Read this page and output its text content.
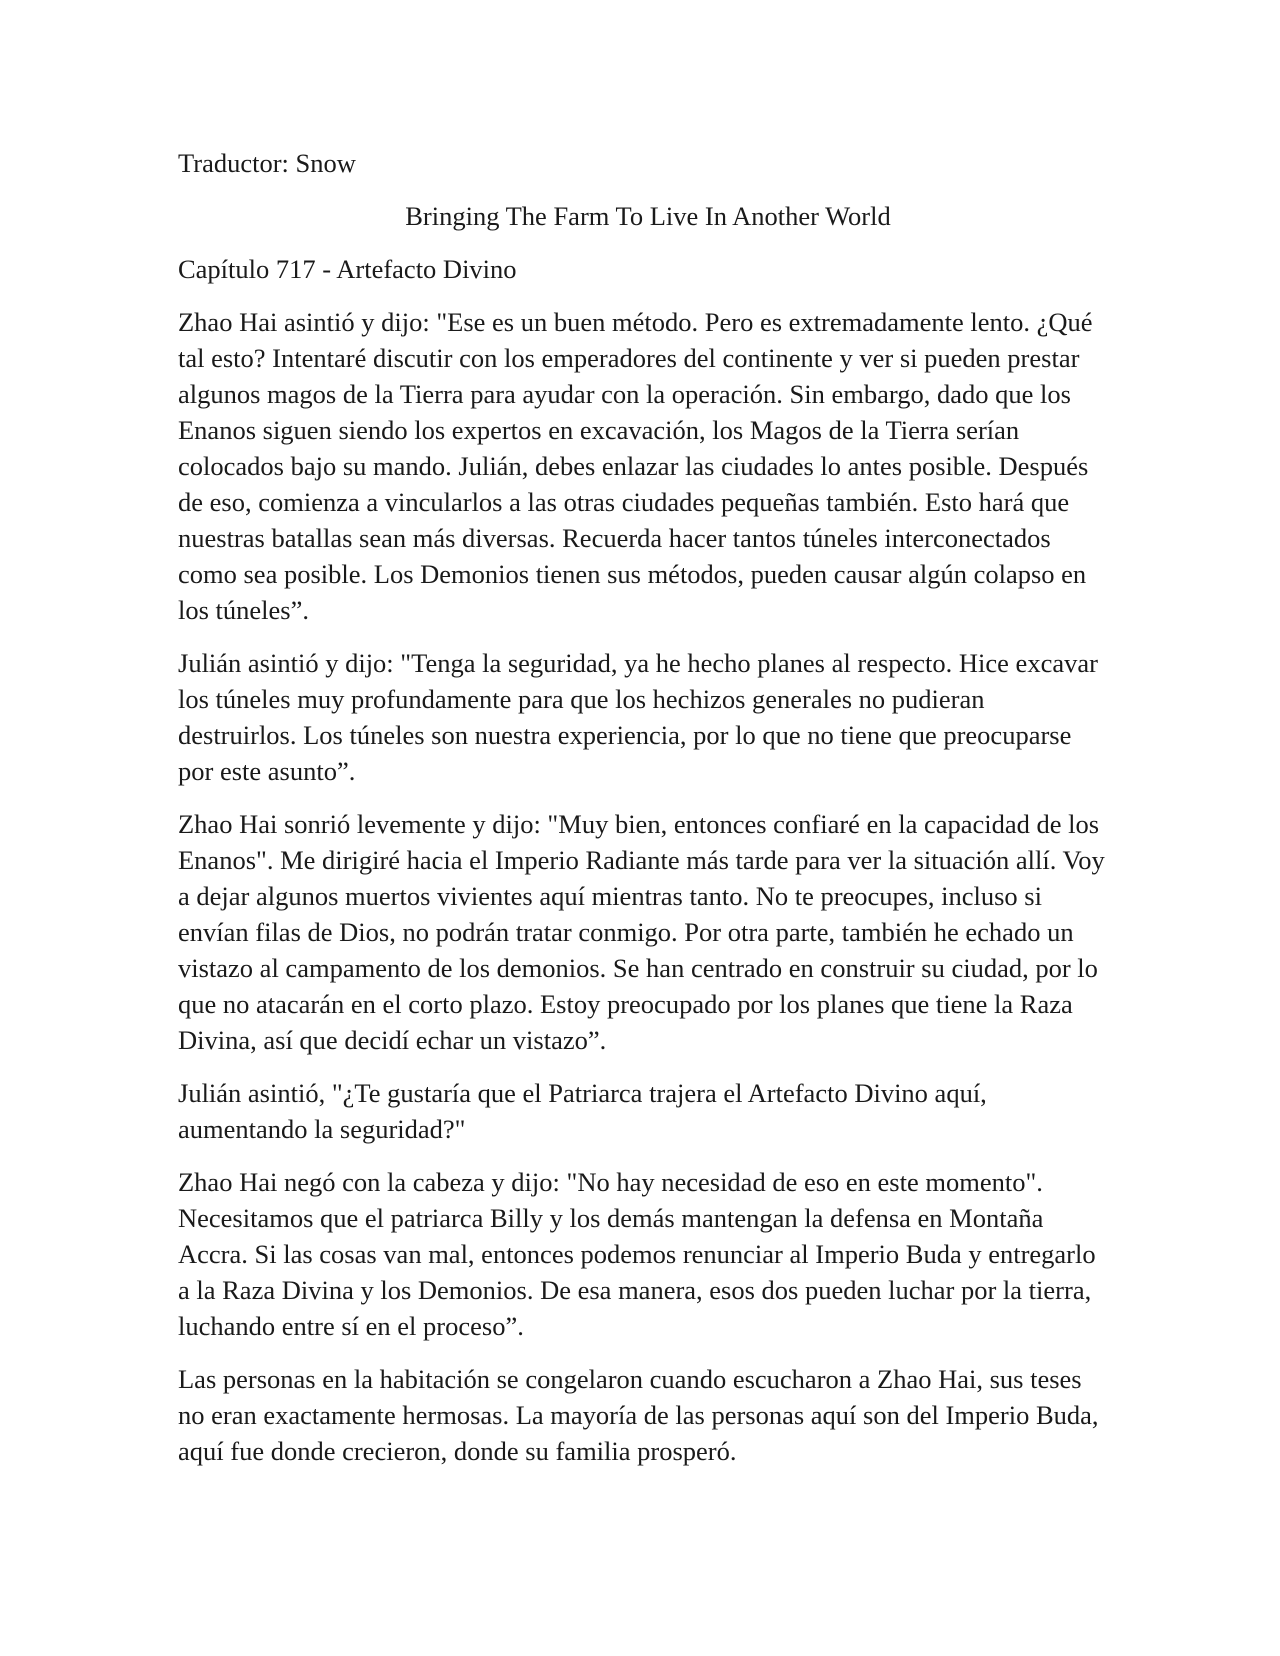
Traductor: Snow

Bringing The Farm To Live In Another World

Capítulo 717 - Artefacto Divino

Zhao Hai asintió y dijo: "Ese es un buen método. Pero es extremadamente lento. ¿Qué tal esto? Intentaré discutir con los emperadores del continente y ver si pueden prestar algunos magos de la Tierra para ayudar con la operación. Sin embargo, dado que los Enanos siguen siendo los expertos en excavación, los Magos de la Tierra serían colocados bajo su mando. Julián, debes enlazar las ciudades lo antes posible. Después de eso, comienza a vincularlos a las otras ciudades pequeñas también. Esto hará que nuestras batallas sean más diversas. Recuerda hacer tantos túneles interconectados como sea posible. Los Demonios tienen sus métodos, pueden causar algún colapso en los túneles”.

Julián asintió y dijo: "Tenga la seguridad, ya he hecho planes al respecto. Hice excavar los túneles muy profundamente para que los hechizos generales no pudieran destruirlos. Los túneles son nuestra experiencia, por lo que no tiene que preocuparse por este asunto”.

Zhao Hai sonrió levemente y dijo: "Muy bien, entonces confiaré en la capacidad de los Enanos". Me dirigiré hacia el Imperio Radiante más tarde para ver la situación allí. Voy a dejar algunos muertos vivientes aquí mientras tanto. No te preocupes, incluso si envían filas de Dios, no podrán tratar conmigo. Por otra parte, también he echado un vistazo al campamento de los demonios. Se han centrado en construir su ciudad, por lo que no atacarán en el corto plazo. Estoy preocupado por los planes que tiene la Raza Divina, así que decidí echar un vistazo”.

Julián asintió, "¿Te gustaría que el Patriarca trajera el Artefacto Divino aquí, aumentando la seguridad?"

Zhao Hai negó con la cabeza y dijo: "No hay necesidad de eso en este momento". Necesitamos que el patriarca Billy y los demás mantengan la defensa en Montaña Accra. Si las cosas van mal, entonces podemos renunciar al Imperio Buda y entregarlo a la Raza Divina y los Demonios. De esa manera, esos dos pueden luchar por la tierra, luchando entre sí en el proceso”.

Las personas en la habitación se congelaron cuando escucharon a Zhao Hai, sus teses no eran exactamente hermosas. La mayoría de las personas aquí son del Imperio Buda, aquí fue donde crecieron, donde su familia prosperó.
